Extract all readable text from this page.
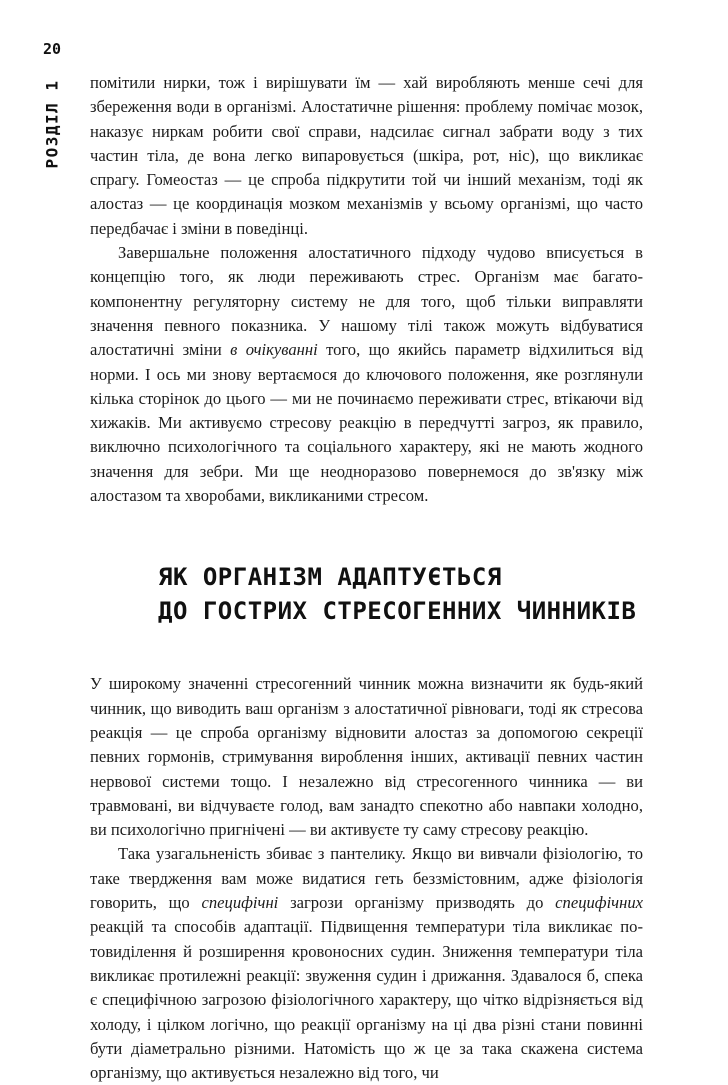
20
РОЗДІЛ 1 помітили нирки, тож і вирішувати їм — хай виробляють менше сечі для збереження води в організмі. Алостатичне рішення: проблему помічає мозок, наказує ниркам робити свої справи, надсилає сигнал забрати воду з тих частин тіла, де вона легко випаровується (шкіра, рот, ніс), що викликає спрагу. Гомеостаз — це спроба підкрутити той чи інший механізм, тоді як алостаз — це координація мозком механізмів у всьому організмі, що часто передбачає і зміни в поведінці.

Завершальне положення алостатичного підходу чудово вписується в концепцію того, як люди переживають стрес. Організм має багатокомпонентну регуляторну систему не для того, щоб тільки виправляти значення певного показника. У нашому тілі також можуть відбуватися алостатичні зміни в очікуванні того, що якийсь параметр відхилиться від норми. І ось ми знову вертаємося до ключового положення, яке розглянули кілька сторінок до цього — ми не починаємо переживати стрес, втікаючи від хижаків. Ми активуємо стресову реакцію в передчутті загроз, як правило, виключно психологічного та соціального характеру, які не мають жодного значення для зебри. Ми ще неодноразово повернемося до зв'язку між алостазом та хворобами, викликаними стресом.

ЯК ОРГАНІЗМ АДАПТУЄТЬСЯ
ДО ГОСТРИХ СТРЕСОГЕННИХ ЧИННИКІВ

У широкому значенні стресогенний чинник можна визначити як будь-який чинник, що виводить ваш організм з алостатичної рівноваги, тоді як стресова реакція — це спроба організму відновити алостаз за допомогою секреції певних гормонів, стримування вироблення інших, активації певних частин нервової системи тощо. І незалежно від стресогенного чинника — ви травмовані, ви відчуваєте голод, вам занадто спекотно або навпаки холодно, ви психологічно пригнічені — ви активуєте ту саму стресову реакцію.

Така узагальненість збиває з пантелику. Якщо ви вивчали фізіологію, то таке твердження вам може видатися геть беззмістовним, адже фізіологія говорить, що специфічні загрози організму призводять до специфічних реакцій та способів адаптації. Підвищення температури тіла викликає потовиділення й розширення кровоносних судин. Зниження температури тіла викликає протилежні реакції: звуження судин і дрижання. Здавалося б, спека є специфічною загрозою фізіологічного характеру, що чітко відрізняється від холоду, і цілком логічно, що реакції організму на ці два різні стани повинні бути діаметрально різними. Натомість що ж це за така скажена система організму, що активується незалежно від того, чи
